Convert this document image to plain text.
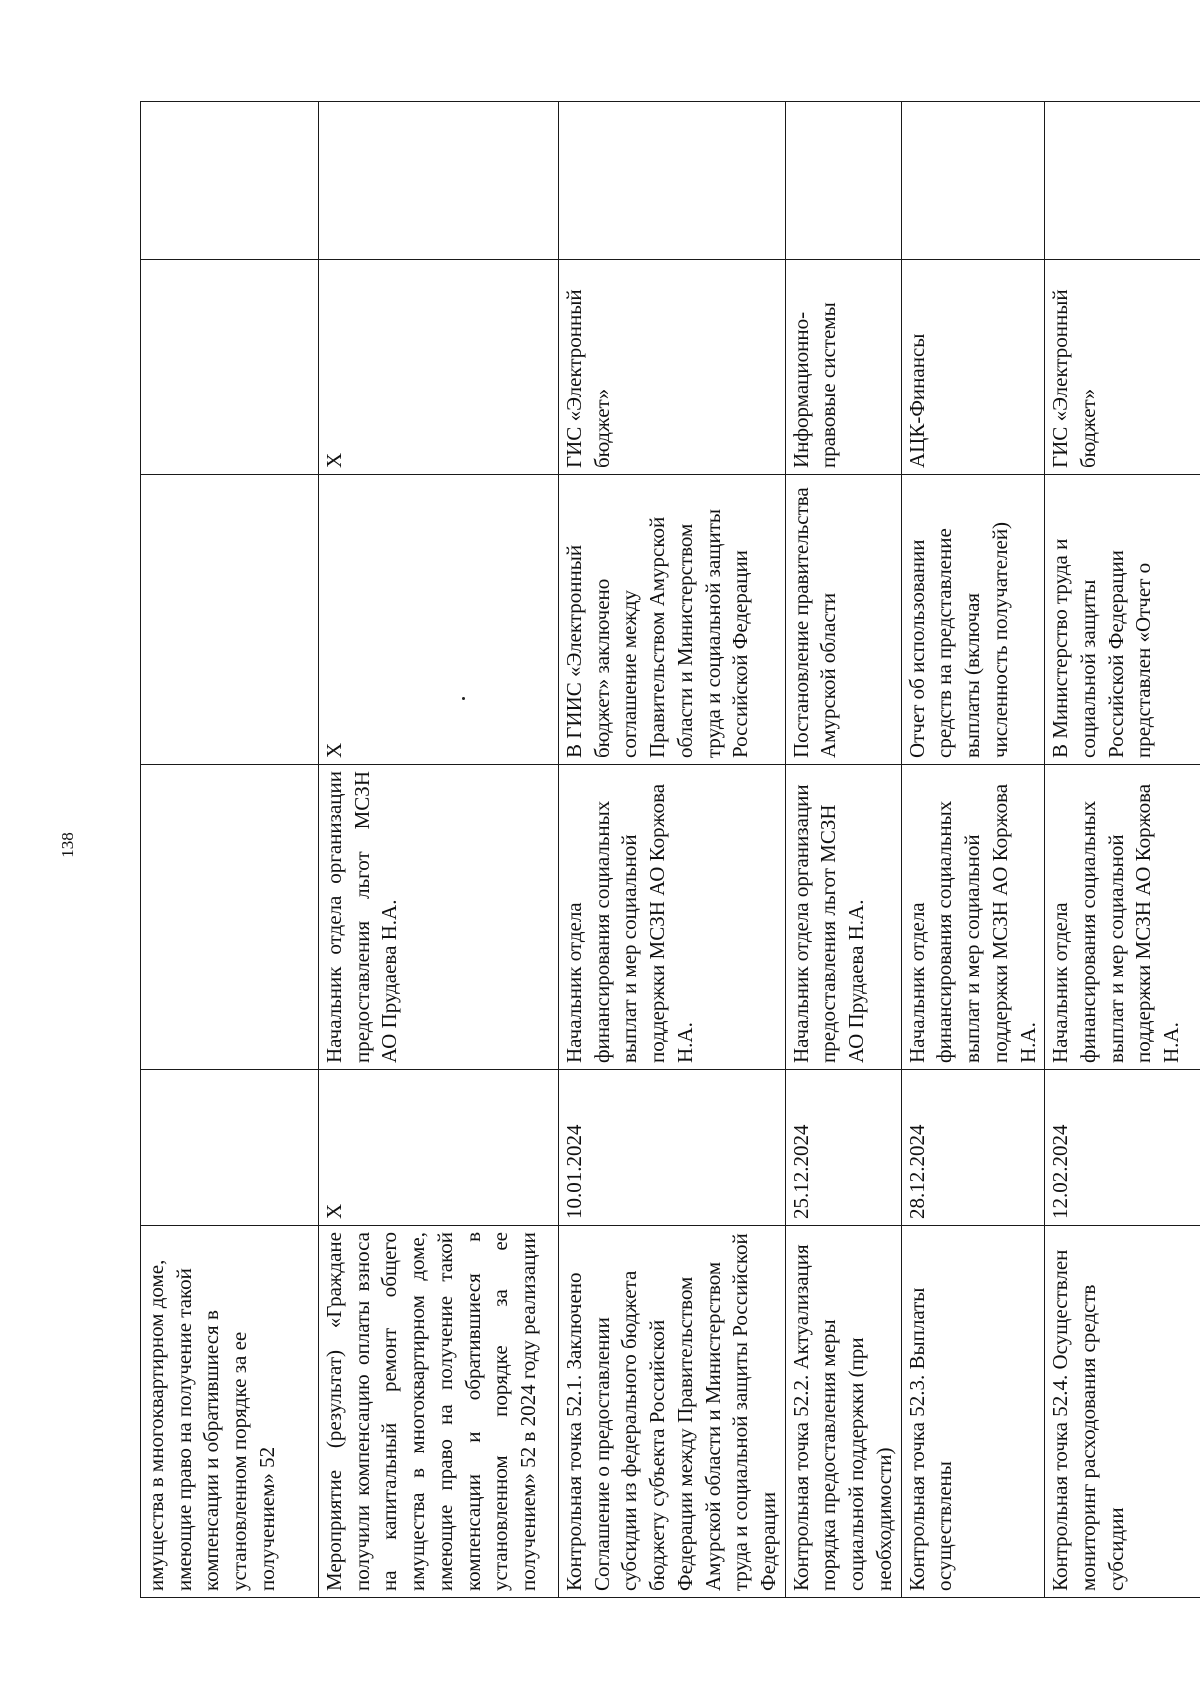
138
имущества в многоквартирном доме, имеющие право на получение такой компенсации и обратившиеся в установленном порядке за ее получением» 52					
Мероприятие (результат) «Граждане получили компенсацию оплаты взноса на капитальный ремонт общего имущества в многоквартирном доме, имеющие право на получение такой компенсации и обратившиеся в установленном порядке за ее получением» 52 в 2024 году реализации	X	Начальник отдела организации предоставления льгот МСЗН АО Прудаева Н.А.	X	X	
Контрольная точка 52.1. Заключено Соглашение о предоставлении субсидии из федерального бюджета бюджету субъекта Российской Федерации между Правительством Амурской области и Министерством труда и социальной защиты Российской Федерации	10.01.2024	Начальник отдела финансирования социальных выплат и мер социальной поддержки МСЗН АО Коржова Н.А.	В ГИИС «Электронный бюджет» заключено соглашение между Правительством Амурской области и Министерством труда и социальной защиты Российской Федерации	ГИС «Электронный бюджет»	
Контрольная точка 52.2. Актуализация порядка предоставления меры социальной поддержки (при необходимости)	25.12.2024	Начальник отдела организации предоставления льгот МСЗН АО Прудаева Н.А.	Постановление правительства Амурской области	Информационно-правовые системы	
Контрольная точка 52.3. Выплаты осуществлены	28.12.2024	Начальник отдела финансирования социальных выплат и мер социальной поддержки МСЗН АО Коржова Н.А.	Отчет об использовании средств на представление выплаты (включая численность получателей)	АЦК-Финансы	
Контрольная точка 52.4. Осуществлен мониторинг расходования средств субсидии	12.02.2024	Начальник отдела финансирования социальных выплат и мер социальной поддержки МСЗН АО Коржова Н.А.	В Министерство труда и социальной защиты Российской Федерации представлен «Отчет о	ГИС «Электронный бюджет»	
